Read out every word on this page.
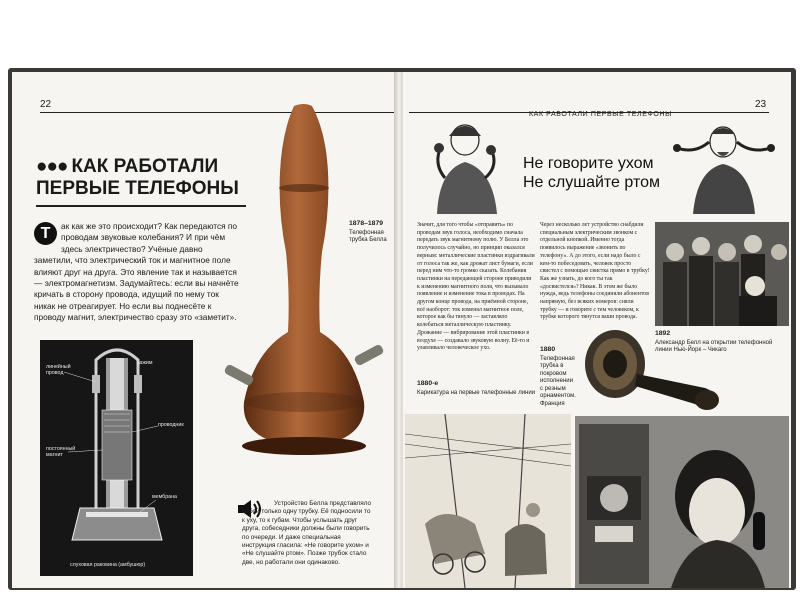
22
●●● КАК РАБОТАЛИ
ПЕРВЫЕ ТЕЛЕФОНЫ
Т	ак как же это происходит? Как передаются по проводам звуковые колебания? И при чём здесь электричество? Учёные давно заметили, что электрический ток и магнитное поле влияют друг на друга. Это явление так и называется — электромагнетизм. Задумайтесь: если вы начнёте кричать в сторону провода, идущий по нему ток никак не отреагирует. Но если вы поднесёте к проводу магнит, электричество сразу это «заметит».
линейный провод
зажим
проводник
постоянный магнит
мембрана
слуховая раковина (амбушюр)
1878–1879
Телефонная трубка Белла
Устройство Белла представляло собой только одну трубку. Её подносили то к уху, то к губам. Чтобы услышать друг друга, собеседники должны были говорить по очереди. И даже специальная инструкция гласила: «Не говорите ухом» и «Не слушайте ртом». Позже трубок стало две, но работали они одинаково.
КАК РАБОТАЛИ ПЕРВЫЕ ТЕЛЕФОНЫ
23
Не говорите ухом
Не слушайте ртом
Значит, для того чтобы «отправить» по проводам звук голоса, необходимо сначала передать звук магнитному полю. У Белла это получилось случайно, но принцип оказался верным: металлические пластинки вздрагивали от голоса так же, как дрожат лист бумаги, если перед ним что-то громко сказать. Колебания пластинки на передающей стороне приводили к изменению магнитного поля, что вызывало появление и изменение тока в проводах. На другом конце провода, на приёмной стороне, всё наоборот: ток изменял магнитное поле, которое как бы тянуло — заставляло колебаться металлическую пластинку. Дрожание — вибрирование этой пластинки в воздухе — создавало звуковую волну. Её-то и улавливало человеческое ухо.
Через несколько лет устройство снабдили специальным электрическим звонком с отдельной кнопкой. Именно тогда появилось выражение «звонить по телефону». А до этого, если надо было с кем-то побеседовать, человек просто свистел с помощью свистка прямо в трубку! Как же узнать, до кого ты так «досвистелся»? Никак. В этом же было нужда, ведь телефоны соединяли абонентов напрямую, без всяких номеров: сняли трубку — и говорите с тем человеком, к трубке которого тянутся ваши провода.
1892
Александр Белл на открытии телефонной линии Нью-Йорк – Чикаго
1880
Телефонная трубка в покровом исполнении с резным орнаментом. Франция
1880-е
Карикатура на первые телефонные линии
